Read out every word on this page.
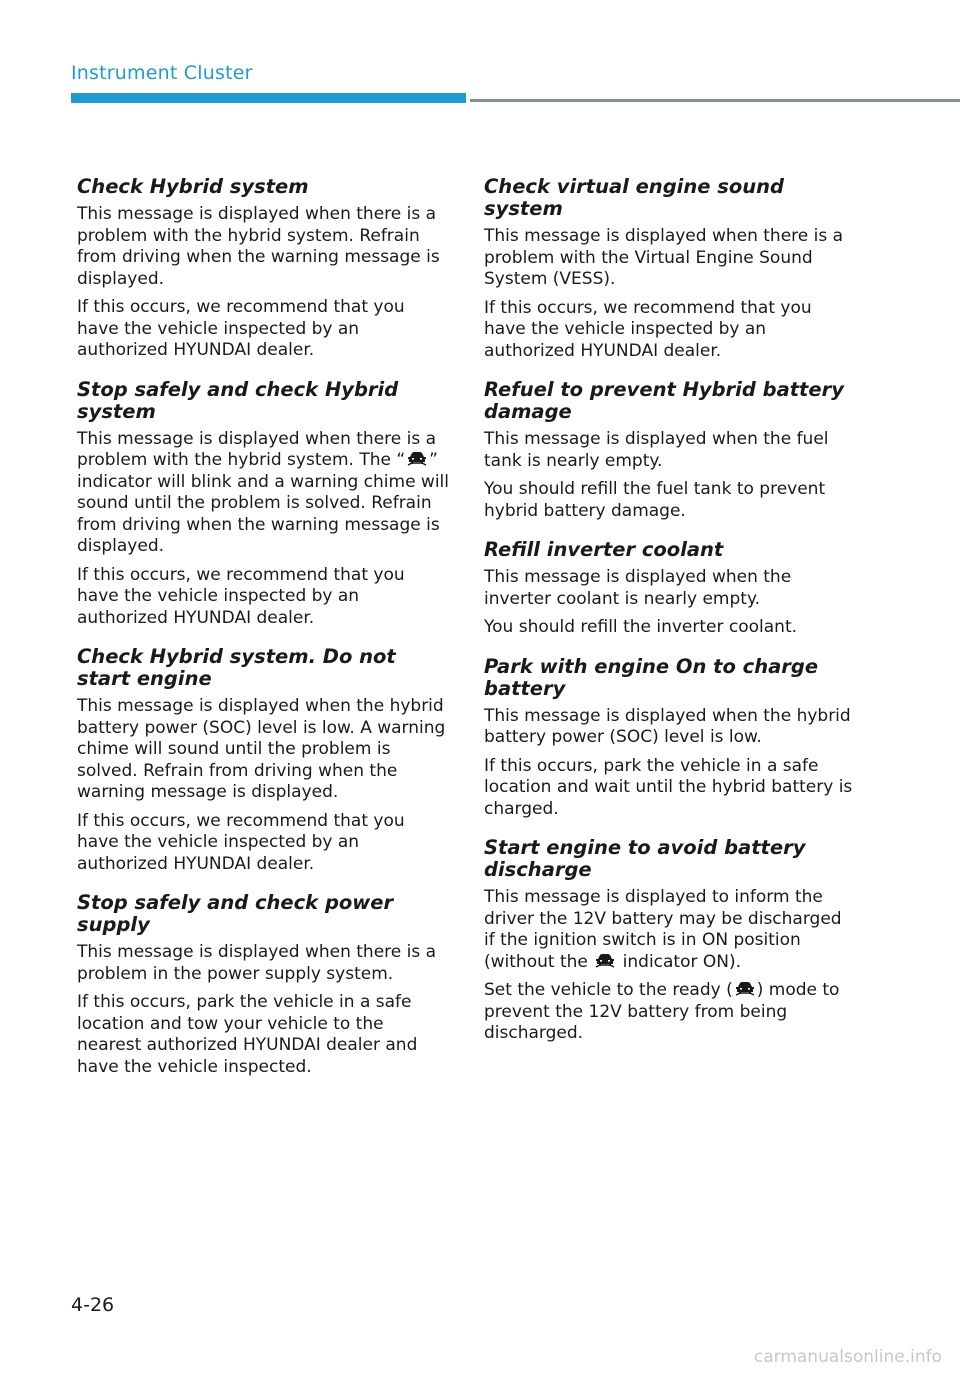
Instrument Cluster
Check Hybrid system

This message is displayed when there is a problem with the hybrid system. Refrain from driving when the warning message is displayed.

If this occurs, we recommend that you have the vehicle inspected by an authorized HYUNDAI dealer.

Stop safely and check Hybrid system

This message is displayed when there is a problem with the hybrid system. The “ ” indicator will blink and a warning chime will sound until the problem is solved. Refrain from driving when the warning message is displayed.

If this occurs, we recommend that you have the vehicle inspected by an authorized HYUNDAI dealer.

Check Hybrid system. Do not start engine

This message is displayed when the hybrid battery power (SOC) level is low. A warning chime will sound until the problem is solved. Refrain from driving when the warning message is displayed.

If this occurs, we recommend that you have the vehicle inspected by an authorized HYUNDAI dealer.

Stop safely and check power supply

This message is displayed when there is a problem in the power supply system.

If this occurs, park the vehicle in a safe location and tow your vehicle to the nearest authorized HYUNDAI dealer and have the vehicle inspected.

Check virtual engine sound system

This message is displayed when there is a problem with the Virtual Engine Sound System (VESS).

If this occurs, we recommend that you have the vehicle inspected by an authorized HYUNDAI dealer.

Refuel to prevent Hybrid battery damage

This message is displayed when the fuel tank is nearly empty.

You should refill the fuel tank to prevent hybrid battery damage.

Refill inverter coolant

This message is displayed when the inverter coolant is nearly empty.

You should refill the inverter coolant.

Park with engine On to charge battery

This message is displayed when the hybrid battery power (SOC) level is low.

If this occurs, park the vehicle in a safe location and wait until the hybrid battery is charged.

Start engine to avoid battery discharge

This message is displayed to inform the driver the 12V battery may be discharged if the ignition switch is in ON position (without the  indicator ON).

Set the vehicle to the ready ( ) mode to prevent the 12V battery from being discharged.

4-26
carmanualsonline.info
